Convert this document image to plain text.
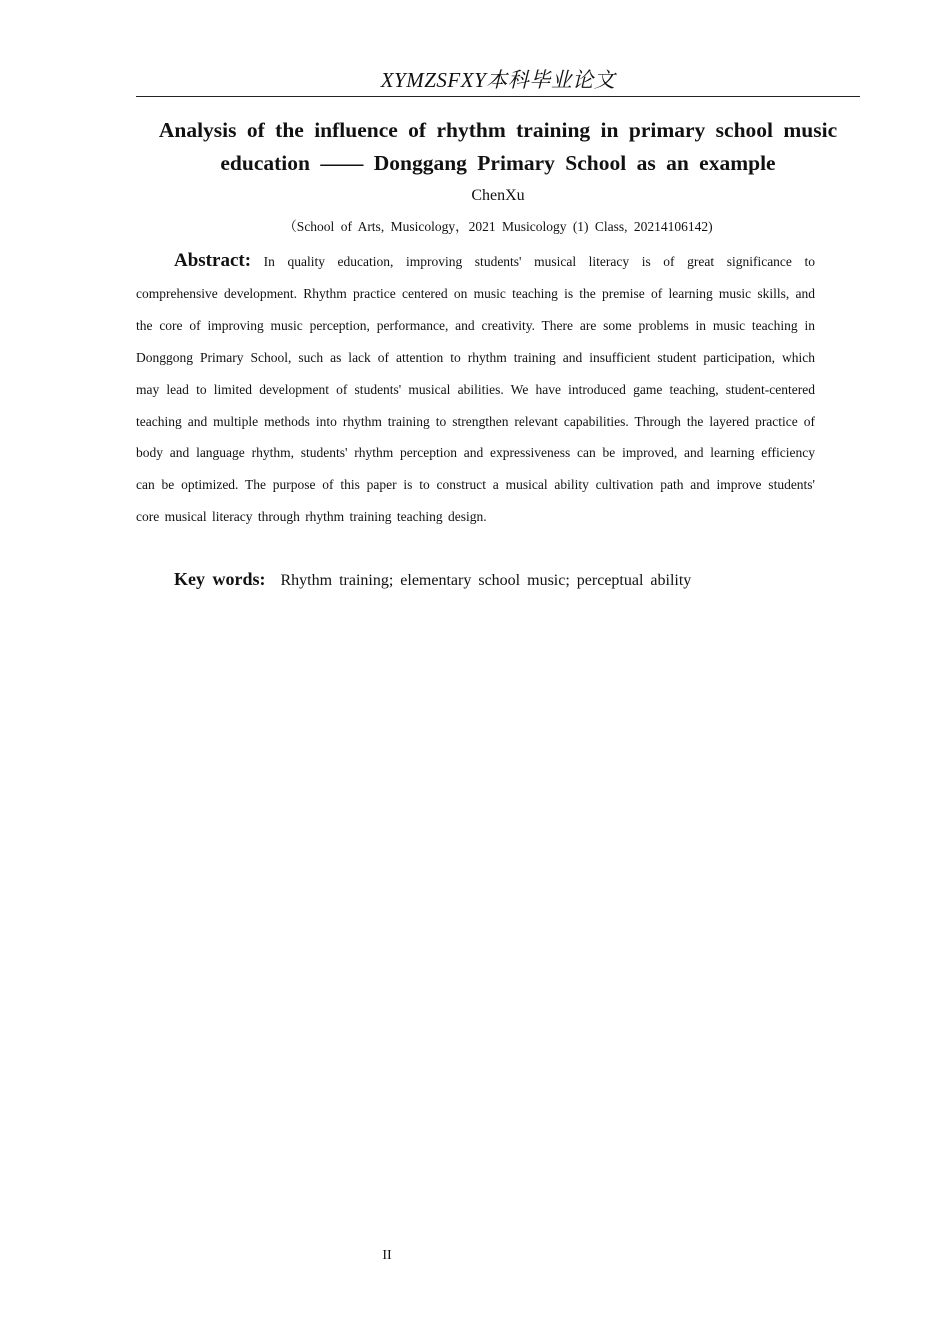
XYMZSFXY本科毕业论文
Analysis of the influence of rhythm training in primary school music
education —— Donggang Primary School as an example
ChenXu
（School of Arts, Musicology，2021 Musicology (1) Class, 20214106142)
Abstract: In quality education, improving students' musical literacy is of great significance to comprehensive development. Rhythm practice centered on music teaching is the premise of learning music skills, and the core of improving music perception, performance, and creativity. There are some problems in music teaching in Donggong Primary School, such as lack of attention to rhythm training and insufficient student participation, which may lead to limited development of students' musical abilities. We have introduced game teaching, student-centered teaching and multiple methods into rhythm training to strengthen relevant capabilities. Through the layered practice of body and language rhythm, students' rhythm perception and expressiveness can be improved, and learning efficiency can be optimized. The purpose of this paper is to construct a musical ability cultivation path and improve students' core musical literacy through rhythm training teaching design.
Key words: Rhythm training; elementary school music; perceptual ability
II
